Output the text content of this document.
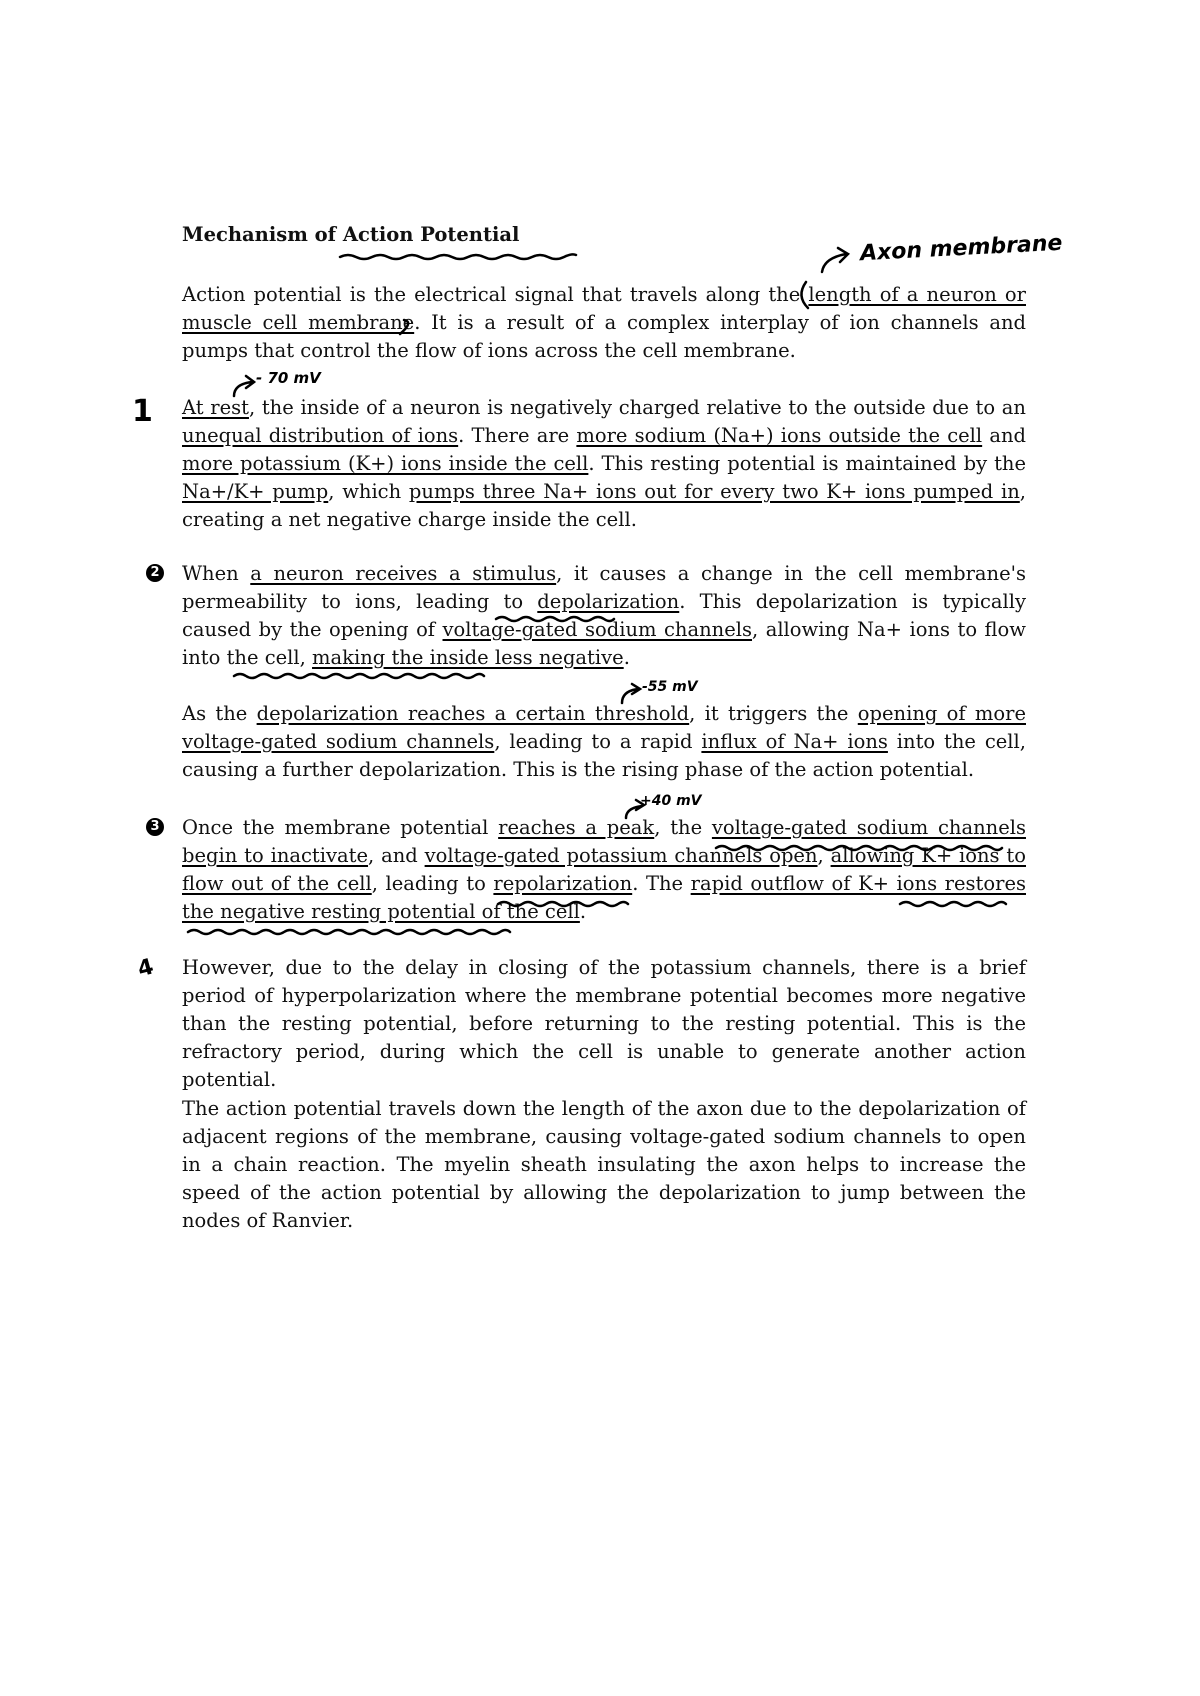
Mechanism of Action Potential
Action potential is the electrical signal that travels along the length of a neuron or muscle cell membrane. It is a result of a complex interplay of ion channels and pumps that control the flow of ions across the cell membrane.
At rest, the inside of a neuron is negatively charged relative to the outside due to an unequal distribution of ions. There are more sodium (Na+) ions outside the cell and more potassium (K+) ions inside the cell. This resting potential is maintained by the Na+/K+ pump, which pumps three Na+ ions out for every two K+ ions pumped in, creating a net negative charge inside the cell.
When a neuron receives a stimulus, it causes a change in the cell membrane's permeability to ions, leading to depolarization. This depolarization is typically caused by the opening of voltage-gated sodium channels, allowing Na+ ions to flow into the cell, making the inside less negative.
As the depolarization reaches a certain threshold, it triggers the opening of more voltage-gated sodium channels, leading to a rapid influx of Na+ ions into the cell, causing a further depolarization. This is the rising phase of the action potential.
Once the membrane potential reaches a peak, the voltage-gated sodium channels begin to inactivate, and voltage-gated potassium channels open, allowing K+ ions to flow out of the cell, leading to repolarization. The rapid outflow of K+ ions restores the negative resting potential of the cell.
However, due to the delay in closing of the potassium channels, there is a brief period of hyperpolarization where the membrane potential becomes more negative than the resting potential, before returning to the resting potential. This is the refractory period, during which the cell is unable to generate another action potential.
The action potential travels down the length of the axon due to the depolarization of adjacent regions of the membrane, causing voltage-gated sodium channels to open in a chain reaction. The myelin sheath insulating the axon helps to increase the speed of the action potential by allowing the depolarization to jump between the nodes of Ranvier.
Axon membrane
- 70 mV
-55 mV
+40 mV
1
2
3
4
